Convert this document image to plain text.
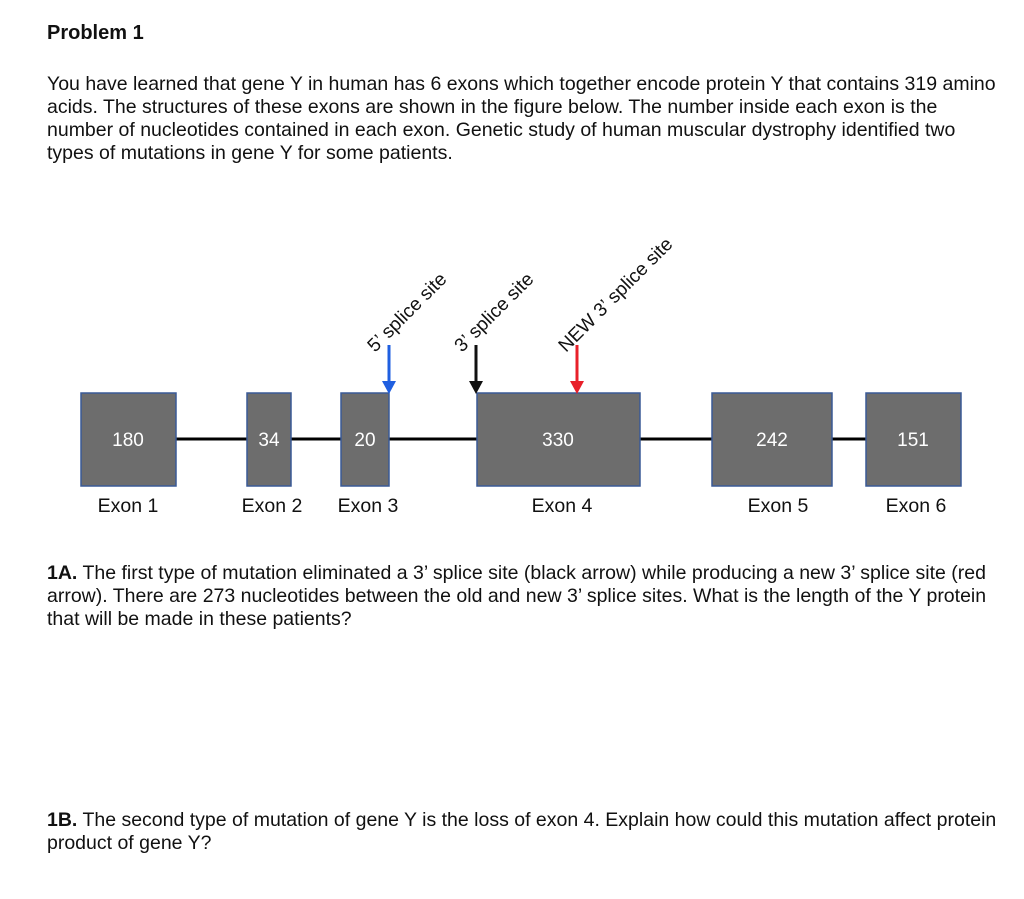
Problem 1
You have learned that gene Y in human has 6 exons which together encode protein Y that contains 319 amino acids. The structures of these exons are shown in the figure below. The number inside each exon is the number of nucleotides contained in each exon. Genetic study of human muscular dystrophy identified two types of mutations in gene Y for some patients.
180
Exon 1
34
Exon 2
20
Exon 3
330
Exon 4
242
Exon 5
151
Exon 6
5’ splice site 3’ splice site NEW 3’ splice site
1A. The first type of mutation eliminated a 3’ splice site (black arrow) while producing a new 3’ splice site (red arrow). There are 273 nucleotides between the old and new 3’ splice sites. What is the length of the Y protein that will be made in these patients?
1B. The second type of mutation of gene Y is the loss of exon 4. Explain how could this mutation affect protein product of gene Y?
